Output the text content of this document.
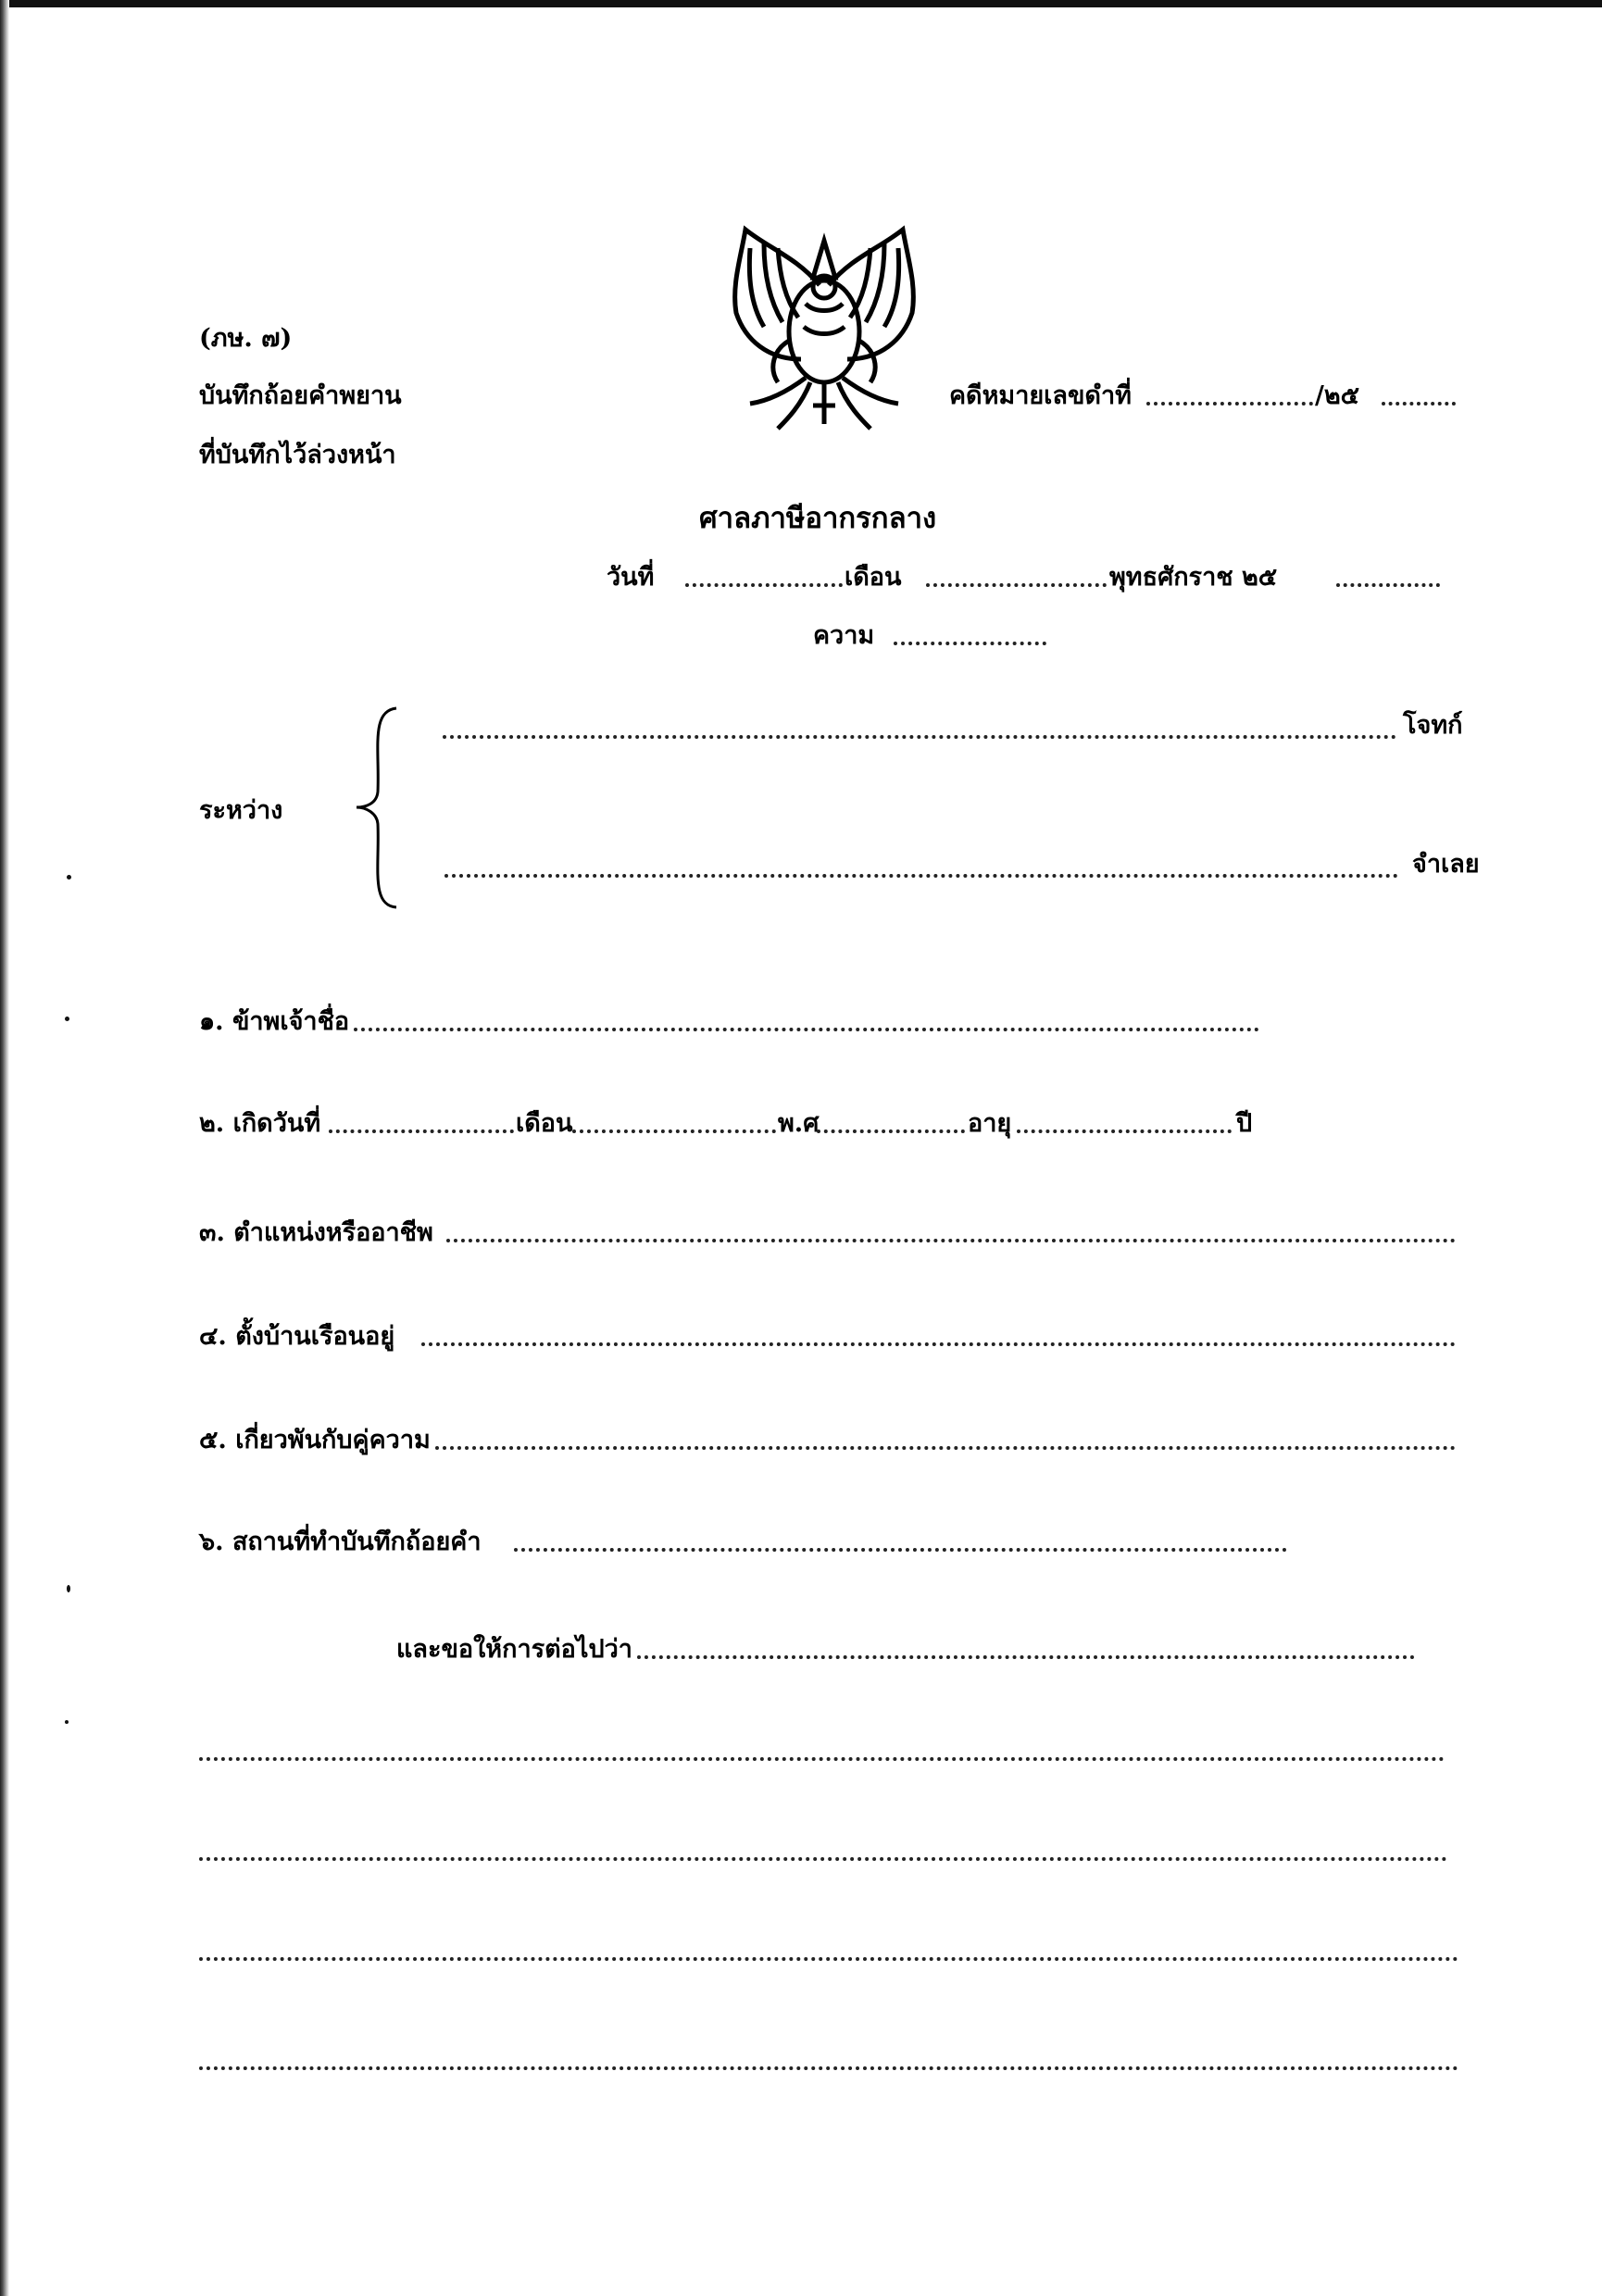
(ภษ. ๗)
บันทึกถ้อยคำพยาน
ที่บันทึกไว้ล่วงหน้า
คดีหมายเลขดำที่	/๒๕
ศาลภาษีอากรกลาง
วันที่	เดือน	พุทธศักราช ๒๕
ความ
ระหว่าง
โจทก์
จำเลย
๑. ข้าพเจ้าชื่อ
๒. เกิดวันที่	เดือน	พ.ศ	อายุ	ปี
๓. ตำแหน่งหรืออาชีพ
๔. ตั้งบ้านเรือนอยู่
๕. เกี่ยวพันกับคู่ความ
๖. สถานที่ทำบันทึกถ้อยคำ
และขอให้การต่อไปว่า
